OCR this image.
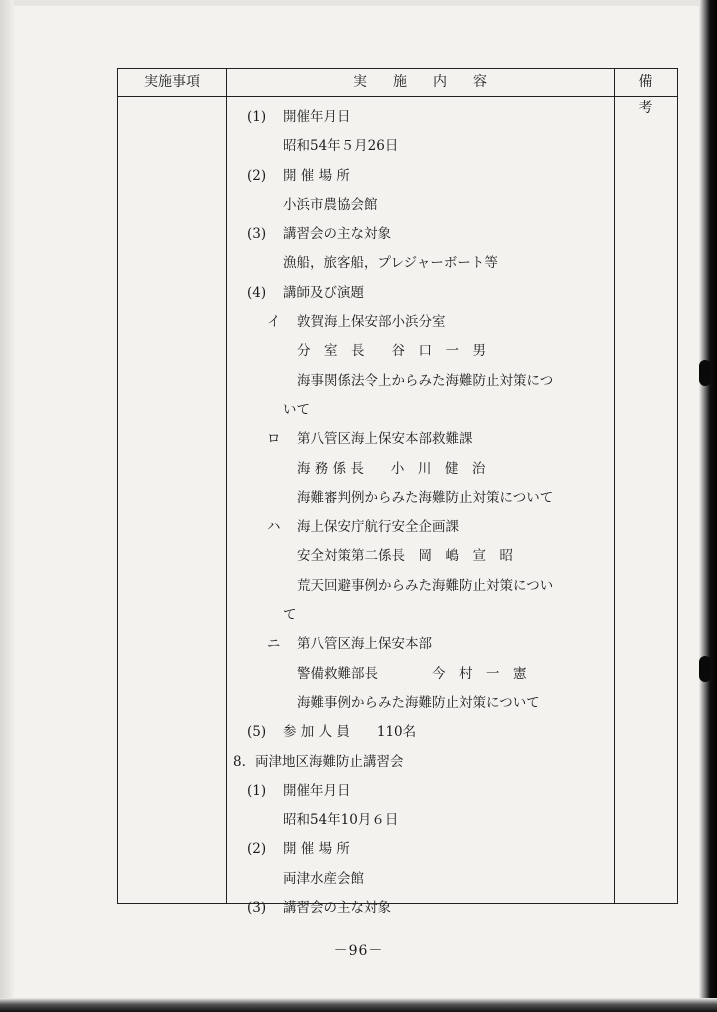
実施事項	実施内容	備考
(1) 開催年月日
昭和54年５月26日
(2) 開 催 場 所
小浜市農協会館
(3) 講習会の主な対象
漁船，旅客船，プレジャーボート等
(4) 講師及び演題
イ 敦賀海上保安部小浜分室
分　室　長　　谷　口　一　男
海事関係法令上からみた海難防止対策につ
いて
ロ 第八管区海上保安本部救難課
海 務 係 長　　小　川　健　治
海難審判例からみた海難防止対策について
ハ 海上保安庁航行安全企画課
安全対策第二係長　岡　嶋　宣　昭
荒天回避事例からみた海難防止対策につい
て
ニ 第八管区海上保安本部
警備救難部長　　　　今　村　一　憲
海難事例からみた海難防止対策について
(5) 参 加 人 員　　110名
8. 両津地区海難防止講習会
(1) 開催年月日
昭和54年10月６日
(2) 開 催 場 所
両津水産会館
(3) 講習会の主な対象
－96－
